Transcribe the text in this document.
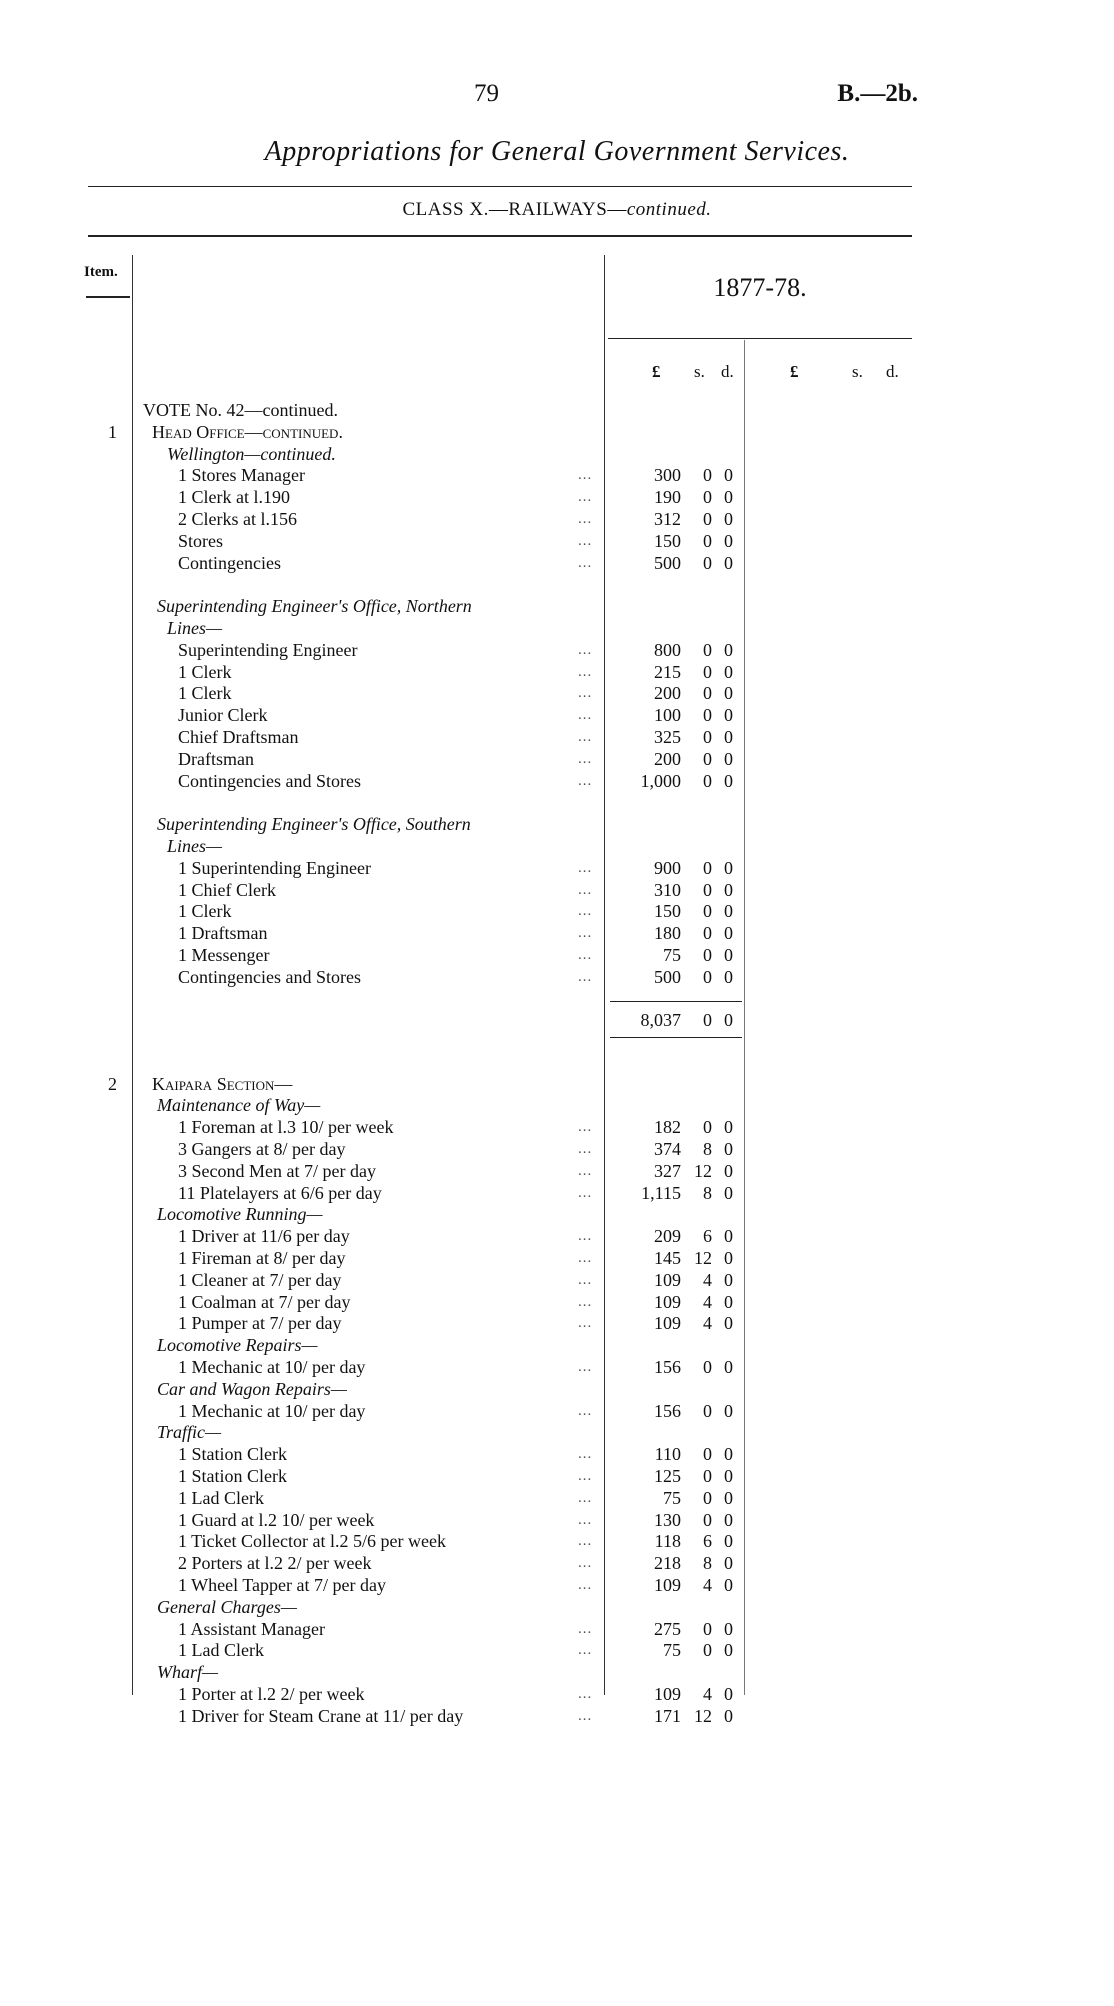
79	B.—2b.
Appropriations for General Government Services.
CLASS X.—RAILWAYS—continued.
Item.
1877-78.
£ s. d.	£	s. d.
VOTE No. 42—continued.
1 Head Office—continued.
Wellington—continued.
1 Stores Manager	...	300 0 0
1 Clerk at l.190	...	190 0 0
2 Clerks at l.156	...	312 0 0
Stores	...	150 0 0
Contingencies	...	500 0 0
Superintending Engineer's Office, Northern
Lines—
Superintending Engineer	...	800 0 0
1 Clerk	...	215 0 0
1 Clerk	...	200 0 0
Junior Clerk	...	100 0 0
Chief Draftsman	...	325 0 0
Draftsman	...	200 0 0
Contingencies and Stores	...	1,000 0 0
Superintending Engineer's Office, Southern
Lines—
1 Superintending Engineer	...	900 0 0
1 Chief Clerk	...	310 0 0
1 Clerk	...	150 0 0
1 Draftsman	...	180 0 0
1 Messenger	...	75 0 0
Contingencies and Stores	...	500 0 0
8,037 0 0
2 Kaipara Section—
Maintenance of Way—
1 Foreman at l.3 10/ per week	...	182 0 0
3 Gangers at 8/ per day	...	374 8 0
3 Second Men at 7/ per day	...	327 12 0
11 Platelayers at 6/6 per day	...	1,115 8 0
Locomotive Running—
1 Driver at 11/6 per day	...	209 6 0
1 Fireman at 8/ per day	...	145 12 0
1 Cleaner at 7/ per day	...	109 4 0
1 Coalman at 7/ per day	...	109 4 0
1 Pumper at 7/ per day	...	109 4 0
Locomotive Repairs—
1 Mechanic at 10/ per day	...	156 0 0
Car and Wagon Repairs—
1 Mechanic at 10/ per day	...	156 0 0
Traffic—
1 Station Clerk	...	110 0 0
1 Station Clerk	...	125 0 0
1 Lad Clerk	...	75 0 0
1 Guard at l.2 10/ per week	...	130 0 0
1 Ticket Collector at l.2 5/6 per week	...	118 6 0
2 Porters at l.2 2/ per week	...	218 8 0
1 Wheel Tapper at 7/ per day	...	109 4 0
General Charges—
1 Assistant Manager	...	275 0 0
1 Lad Clerk	...	75 0 0
Wharf—
1 Porter at l.2 2/ per week	...	109 4 0
1 Driver for Steam Crane at 11/ per day	...	171 12 0
